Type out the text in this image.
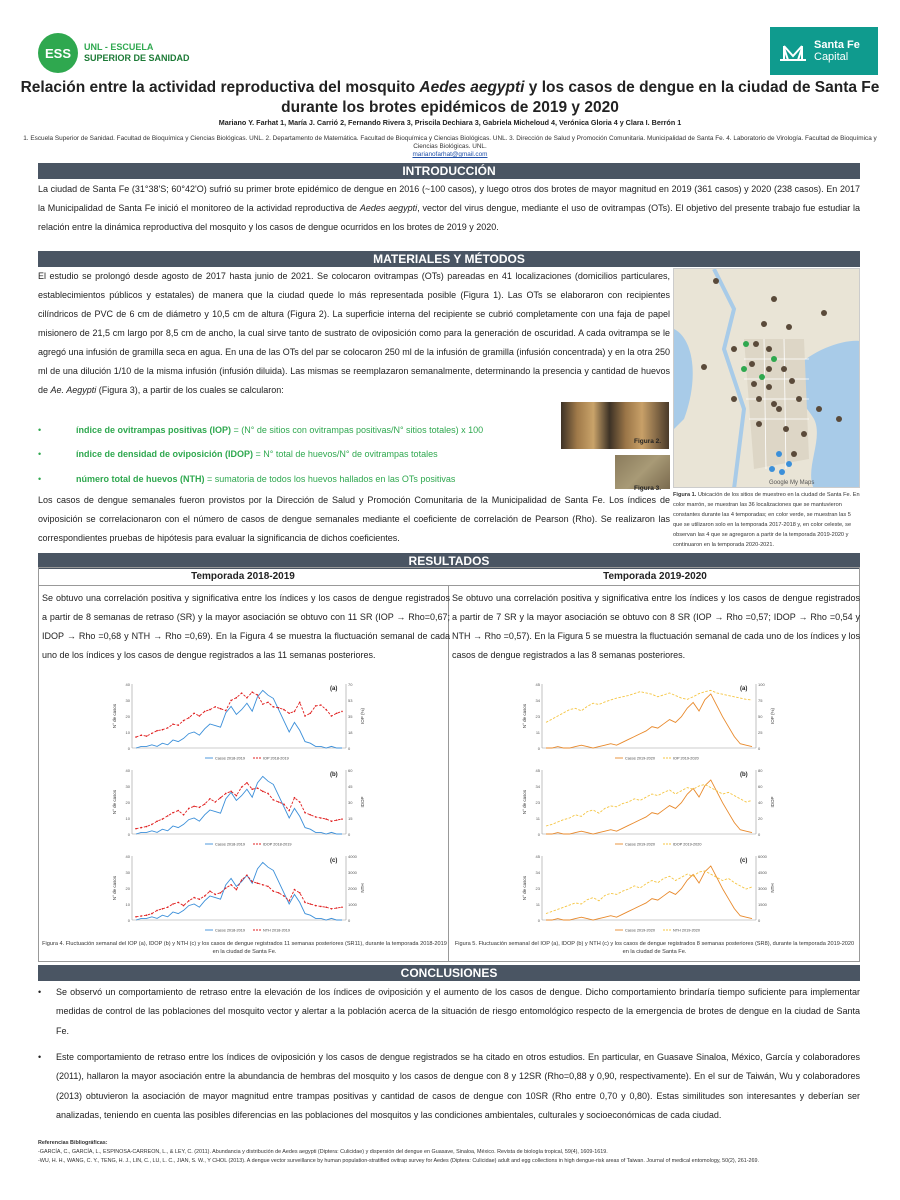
ESS	UNL - ESCUELA
SUPERIOR DE SANIDAD
Santa Fe
Capital
Relación entre la actividad reproductiva del mosquito Aedes aegypti y los casos de dengue en la ciudad de Santa Fe durante los brotes epidémicos de 2019 y 2020
Mariano Y. Farhat 1, María J. Carrió 2, Fernando Rivera 3, Priscila Dechiara 3, Gabriela Micheloud 4, Verónica Gloria 4 y Clara I. Berrón 1
1. Escuela Superior de Sanidad. Facultad de Bioquímica y Ciencias Biológicas. UNL. 2. Departamento de Matemática. Facultad de Bioquímica y Ciencias Biológicas. UNL. 3. Dirección de Salud y Promoción Comunitaria. Municipalidad de Santa Fe. 4. Laboratorio de Virología. Facultad de Bioquímica y Ciencias Biológicas. UNL.
marianofarhat@gmail.com
INTRODUCCIÓN
La ciudad de Santa Fe (31°38'S; 60°42'O) sufrió su primer brote epidémico de dengue en 2016 (~100 casos), y luego otros dos brotes de mayor magnitud en 2019 (361 casos) y 2020 (238 casos). En 2017 la Municipalidad de Santa Fe inició el monitoreo de la actividad reproductiva de Aedes aegypti, vector del virus dengue, mediante el uso de ovitrampas (OTs). El objetivo del presente trabajo fue estudiar la relación entre la dinámica reproductiva del mosquito y los casos de dengue ocurridos en los brotes de 2019 y 2020.
MATERIALES Y MÉTODOS
El estudio se prolongó desde agosto de 2017 hasta junio de 2021. Se colocaron ovitrampas (OTs) pareadas en 41 localizaciones (domicilios particulares, establecimientos públicos y estatales) de manera que la ciudad quede lo más representada posible (Figura 1). Las OTs se elaboraron con recipientes cilíndricos de PVC de 6 cm de diámetro y 10,5 cm de altura (Figura 2). La superficie interna del recipiente se cubrió completamente con una faja de papel misionero de 21,5 cm largo por 8,5 cm de ancho, la cual sirve tanto de sustrato de oviposición como para la generación de oscuridad. A cada ovitrampa se le agregó una infusión de gramilla seca en agua. En una de las OTs del par se colocaron 250 ml de la infusión de gramilla (infusión concentrada) y en la otra 250 ml de una dilución 1/10 de la misma infusión (infusión diluida). Las mismas se reemplazaron semanalmente, determinando la presencia y cantidad de huevos de Ae. Aegypti (Figura 3), a partir de los cuales se calcularon:
•	índice de ovitrampas positivas (IOP) = (N° de sitios con ovitrampas positivas/N° sitios totales) x 100
•	índice de densidad de oviposición (IDOP) = N° total de huevos/N° de ovitrampas totales
•	número total de huevos (NTH) = sumatoria de todos los huevos hallados en las OTs positivas
Los casos de dengue semanales fueron provistos por la Dirección de Salud y Promoción Comunitaria de la Municipalidad de Santa Fe. Los índices de oviposición se correlacionaron con el número de casos de dengue semanales mediante el coeficiente de correlación de Pearson (Rho). Se realizaron las correspondientes pruebas de hipótesis para evaluar la significancia de dichos coeficientes.
Figura 2.
Figura 3.
Google My Maps
Figura 1. Ubicación de los sitios de muestreo en la ciudad de Santa Fe. En color marrón, se muestran las 36 localizaciones que se mantuvieron constantes durante las 4 temporadas; en color verde, se muestran las 5 que se utilizaron solo en la temporada 2017-2018 y, en color celeste, se observan las 4 que se agregaron a partir de la temporada 2019-2020 y continuaron en la temporada 2020-2021.
RESULTADOS
Temporada 2018-2019	Temporada 2019-2020
Se obtuvo una correlación positiva y significativa entre los índices y los casos de dengue registrados a partir de 8 semanas de retraso (SR) y la mayor asociación se obtuvo con 11 SR (IOP → Rho=0,67; IDOP → Rho =0,68 y NTH → Rho =0,69). En la Figura 4 se muestra la fluctuación semanal de cada uno de los índices y los casos de dengue registrados a las 11 semanas posteriores.
Se obtuvo una correlación positiva y significativa entre los índices y los casos de dengue registrados a partir de 7 SR y la mayor asociación se obtuvo con 8 SR (IOP → Rho =0,57; IDOP → Rho =0,54 y NTH → Rho =0,57). En la Figura 5 se muestra la fluctuación semanal de cada uno de los índices y los casos de dengue registrados a las 8 semanas posteriores.
0	0
10	18
20	35
30	53
40	70
N° de casos	IOP (%)
(a)
Casos 2018-2019	IOP 2018-2019
0	0
10	15
20	30
30	45
40	60
N° de casos	IDOP
(b)
Casos 2018-2019	IDOP 2018-2019
0	0
10	1000
20	2000
30	3000
40	4000
N° de casos	NTH
(c)
Casos 2018-2019	NTH 2018-2019
0	0
11	25
23	50
34	75
45	100
N° de casos	IOP (%)
(a)
Casos 2019-2020	IOP 2019-2020
0	0
11	20
23	40
34	60
45	80
N° de casos	IDOP
(b)
Casos 2019-2020	IDOP 2019-2020
0	0
11	1500
23	3000
34	4500
45	6000
N° de casos	NTH
(c)
Casos 2019-2020	NTH 2019-2020
Figura 4. Fluctuación semanal del IOP (a), IDOP (b) y NTH (c) y los casos de dengue registrados 11 semanas posteriores (SR11), durante la temporada 2018-2019 en la ciudad de Santa Fe.
Figura 5. Fluctuación semanal del IOP (a), IDOP (b) y NTH (c) y los casos de dengue registrados 8 semanas posteriores (SR8), durante la temporada 2019-2020 en la ciudad de Santa Fe.
CONCLUSIONES
• Se observó un comportamiento de retraso entre la elevación de los índices de oviposición y el aumento de los casos de dengue. Dicho comportamiento brindaría tiempo suficiente para implementar medidas de control de las poblaciones del mosquito vector y alertar a la población acerca de la situación de riesgo entomológico respecto de la emergencia de brotes de dengue en la ciudad de Santa Fe.
• Este comportamiento de retraso entre los índices de oviposición y los casos de dengue registrados se ha citado en otros estudios. En particular, en Guasave Sinaloa, México, García y colaboradores (2011), hallaron la mayor asociación entre la abundancia de hembras del mosquito y los casos de dengue con 8 y 12SR (Rho=0,88 y 0,90, respectivamente). En el sur de Taiwán, Wu y colaboradores (2013) obtuvieron la asociación de mayor magnitud entre trampas positivas y cantidad de casos de dengue con 10SR (Rho entre 0,70 y 0,80). Estas similitudes son interesantes y deberían ser analizadas, teniendo en cuenta las posibles diferencias en las poblaciones del mosquitos y las condiciones ambientales, culturales y socioeconómicas de cada ciudad.
Referencias Bibliográficas:
-GARCÍA, C., GARCÍA, L., ESPINOSA-CARREON, L., & LEY, C. (2011). Abundancia y distribución de Aedes aegypti (Diptera: Culicidae) y dispersión del dengue en Guasave, Sinaloa, México. Revista de biología tropical, 59(4), 1609-1619.
-WU, H. H., WANG, C. Y., TENG, H. J., LIN, C., LU, L. C., JIAN, S. W., Y CHOL (2013). A dengue vector surveillance by human population-stratified ovitrap survey for Aedes (Diptera: Culicidae) adult and egg collections in high dengue-risk areas of Taiwan. Journal of medical entomology, 50(2), 261-269.
